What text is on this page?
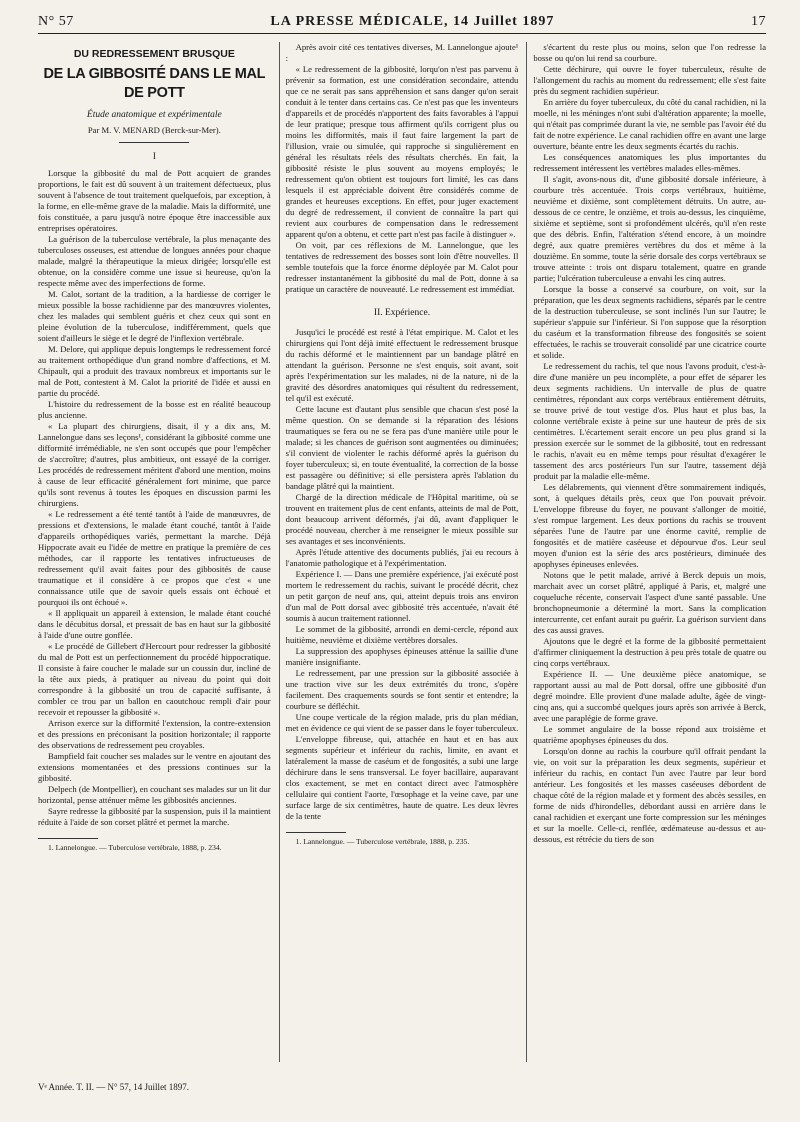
N° 57	LA PRESSE MÉDICALE, 14 Juillet 1897	17
DU REDRESSEMENT BRUSQUE
DE LA GIBBOSITÉ DANS LE MAL DE POTT
Étude anatomique et expérimentale
Par M. V. MENARD (Berck-sur-Mer).
I

Lorsque la gibbosité du mal de Pott acquiert de grandes proportions, le fait est dû souvent à un traitement défectueux, plus souvent à l'absence de tout traitement quelquefois, par exception, à la forme, en elle-même grave de la maladie. Mais la difformité, une fois constituée, a paru jusqu'à notre époque être inaccessible aux entreprises opératoires.

La guérison de la tuberculose vertébrale, la plus menaçante des tuberculoses osseuses, est attendue de longues années pour chaque malade, malgré la thérapeutique la mieux dirigée; lorsqu'elle est obtenue, on la considère comme une issue si heureuse, qu'on la respecte même avec des imperfections de forme.

M. Calot, sortant de la tradition, a la hardiesse de corriger le mieux possible la bosse rachidienne par des manœuvres violentes, chez les malades qui semblent guéris et chez ceux qui sont en pleine évolution de la tuberculose, indifféremment, quels que soient d'ailleurs le siège et le degré de l'inflexion vertébrale.

M. Delore, qui applique depuis longtemps le redressement forcé au traitement orthopédique d'un grand nombre d'affections, et M. Chipault, qui a produit des travaux nombreux et importants sur le mal de Pott, contestent à M. Calot la priorité de l'idée et aussi en partie du procédé.

L'histoire du redressement de la bosse est en réalité beaucoup plus ancienne.

« La plupart des chirurgiens, disait, il y a dix ans, M. Lannelongue dans ses leçons¹, considérant la gibbosité comme une difformité irrémédiable, ne s'en sont occupés que pour l'empêcher de s'accroître; d'autres, plus ambitieux, ont essayé de la corriger. Les procédés de redressement méritent d'abord une mention, moins à cause de leur efficacité généralement fort minime, que parce qu'ils sont revenus à toutes les époques en discussion parmi les chirurgiens.

« Le redressement a été tenté tantôt à l'aide de manœuvres, de pressions et d'extensions, le malade étant couché, tantôt à l'aide d'appareils orthopédiques variés, permettant la marche. Déjà Hippocrate avait eu l'idée de mettre en pratique la première de ces méthodes, car il rapporte les tentatives infructueuses de redressement qu'il avait faites pour des gibbosités de cause traumatique et il considère à ce propos que c'est « une connaissance utile que de savoir quels essais ont échoué et pourquoi ils ont échoué ».

« Il appliquait un appareil à extension, le malade étant couché dans le décubitus dorsal, et pressait de bas en haut sur la gibbosité à l'aide d'une outre gonflée.

« Le procédé de Gillebert d'Hercourt pour redresser la gibbosité du mal de Pott est un perfectionnement du procédé hippocratique. Il consiste à faire coucher le malade sur un coussin dur, incliné de la tête aux pieds, à pratiquer au niveau du point qui doit correspondre à la gibbosité un trou de capacité suffisante, à combler ce trou par un ballon en caoutchouc rempli d'air pour recevoir et repousser la gibbosité ».

Arrison exerce sur la difformité l'extension, la contre-extension et des pressions en préconisant la position horizontale; il rapporte des observations de redressement peu croyables.

Bampfield fait coucher ses malades sur le ventre en ajoutant des extensions momentanées et des pressions continues sur la gibbosité.

Delpech (de Montpellier), en couchant ses malades sur un lit dur horizontal, pense atténuer même les gibbosités anciennes.

Sayre redresse la gibbosité par la suspension, puis il la maintient réduite à l'aide de son corset plâtré et permet la marche.

1. Lannelongue. — Tuberculose vertébrale, 1888, p. 234.

Après avoir cité ces tentatives diverses, M. Lannelongue ajoute¹ :

« Le redressement de la gibbosité, lorqu'on n'est pas parvenu à prévenir sa formation, est une considération secondaire, attendu que ce ne serait pas sans appréhension et sans danger qu'on serait conduit à le tenter dans certains cas. Ce n'est pas que les inventeurs d'appareils et de procédés n'apportent des faits favorables à l'appui de leur pratique; presque tous affirment qu'ils corrigent plus ou moins les difformités, mais il faut faire largement la part de l'illusion, vraie ou simulée, qui rapproche si singulièrement en général les résultats réels des résultats cherchés. En fait, la gibbosité résiste le plus souvent au moyens employés; le redressement qu'on obtient est toujours fort limité, les cas dans lesquels il est appréciable doivent être considérés comme de grandes et heureuses exceptions. En effet, pour juger exactement du degré de redressement, il convient de connaître la part qui revient aux courbures de compensation dans le redressement apparent qu'on a obtenu, et cette part n'est pas facile à distinguer ».

On voit, par ces réflexions de M. Lannelongue, que les tentatives de redressement des bosses sont loin d'être nouvelles. Il semble toutefois que la force énorme déployée par M. Calot pour redresser instantanément la gibbosité du mal de Pott, donne à sa pratique un caractère de nouveauté. Le redressement est immédiat.

II. Expérience.

Jusqu'ici le procédé est resté à l'état empirique. M. Calot et les chirurgiens qui l'ont déjà imité effectuent le redressement brusque du rachis déformé et le maintiennent par un bandage plâtré en attendant la guérison. Personne ne s'est enquis, soit avant, soit après l'expérimentation sur les malades, ni de la nature, ni de la gravité des désordres anatomiques qui résultent du redressement, tel qu'il est exécuté.

Cette lacune est d'autant plus sensible que chacun s'est posé la même question. On se demande si la réparation des lésions traumatiques se fera ou ne se fera pas d'une manière utile pour le malade; si les chances de guérison sont augmentées ou diminuées; s'il convient de violenter le rachis déformé après la guérison du foyer tuberculeux; si, en toute éventualité, la correction de la bosse est passagère ou définitive; si elle persistera après l'ablation du bandage plâtré qui la maintient.

Chargé de la direction médicale de l'Hôpital maritime, où se trouvent en traitement plus de cent enfants, atteints de mal de Pott, dont beaucoup arrivent déformés, j'ai dû, avant d'appliquer le procédé nouveau, chercher à me renseigner le mieux possible sur ses avantages et ses inconvénients.

Après l'étude attentive des documents publiés, j'ai eu recours à l'anatomie pathologique et à l'expérimentation.

Expérience I. — Dans une première expérience, j'ai exécuté post mortem le redressement du rachis, suivant le procédé décrit, chez un petit garçon de neuf ans, qui, atteint depuis trois ans environ d'un mal de Pott dorsal avec gibbosité très accentuée, n'avait été soumis à aucun traitement rationnel.

Le sommet de la gibbosité, arrondi en demi-cercle, répond aux huitième, neuvième et dixième vertèbres dorsales.

La suppression des apophyses épineuses atténue la saillie d'une manière insignifiante.

Le redressement, par une pression sur la gibbosité associée à une traction vive sur les deux extrémités du tronc, s'opère facilement. Des craquements sourds se font sentir et entendre; la courbure se défléchit.

Une coupe verticale de la région malade, pris du plan médian, met en évidence ce qui vient de se passer dans le foyer tuberculeux.

L'enveloppe fibreuse, qui, attachée en haut et en bas aux segments supérieur et inférieur du rachis, limite, en avant et latéralement la masse de caséum et de fongosités, a subi une large déchirure dans le sens transversal. Le foyer bacillaire, auparavant clos exactement, se met en contact direct avec l'atmosphère cellulaire qui contient l'aorte, l'œsophage et la veine cave, par une surface large de six centimètres, haute de quatre. Les deux lèvres de la tente

1. Lannelongue. — Tuberculose vertébrale, 1888, p. 235.

s'écartent du reste plus ou moins, selon que l'on redresse la bosse ou qu'on lui rend sa courbure.

Cette déchirure, qui ouvre le foyer tuberculeux, résulte de l'allongement du rachis au moment du redressement; elle s'est faite près du segment rachidien supérieur.

En arrière du foyer tuberculeux, du côté du canal rachidien, ni la moelle, ni les méninges n'ont subi d'altération apparente; la moelle, qui n'était pas comprimée durant la vie, ne semble pas l'avoir été du fait de notre expérience. Le canal rachidien offre en avant une large ouverture, béante entre les deux segments écartés du rachis.

Les conséquences anatomiques les plus importantes du redressement intéressent les vertèbres malades elles-mêmes.

Il s'agit, avons-nous dit, d'une gibbosité dorsale inférieure, à courbure très accentuée. Trois corps vertébraux, huitième, neuvième et dixième, sont complètement détruits. Un autre, au-dessous de ce centre, le onzième, et trois au-dessus, les cinquième, sixième et septième, sont si profondément ulcérés, qu'il n'en reste que des débris. Enfin, l'altération s'étend encore, à un moindre degré, aux quatre premières vertèbres du dos et même à la douzième. En somme, toute la série dorsale des corps vertébraux se trouve atteinte : trois ont disparu totalement, quatre en grande partie; l'ulcération tuberculeuse a envahi les cinq autres.

Lorsque la bosse a conservé sa courbure, on voit, sur la préparation, que les deux segments rachidiens, séparés par le centre de la destruction tuberculeuse, se sont inclinés l'un sur l'autre; le supérieur s'appuie sur l'inférieur. Si l'on suppose que la résorption du caséum et la transformation fibreuse des fongosités se soient effectuées, le rachis se trouverait consolidé par une cicatrice courte et solide.

Le redressement du rachis, tel que nous l'avons produit, c'est-à-dire d'une manière un peu incomplète, a pour effet de séparer les deux segments rachidiens. Un intervalle de plus de quatre centimètres, répondant aux corps vertébraux entièrement détruits, se trouve privé de tout vestige d'os. Plus haut et plus bas, la colonne vertébrale existe à peine sur une hauteur de près de six centimètres. L'écartement serait encore un peu plus grand si la pression exercée sur le sommet de la gibbosité, tout en redressant le rachis, n'avait eu en même temps pour résultat d'exagérer le tassement des arcs postérieurs l'un sur l'autre, tassement déjà produit par la maladie elle-même.

Les délabrements, qui viennent d'être sommairement indiqués, sont, à quelques détails près, ceux que l'on pouvait prévoir. L'enveloppe fibreuse du foyer, ne pouvant s'allonger de moitié, s'est rompue largement. Les deux portions du rachis se trouvent séparées l'une de l'autre par une énorme cavité, remplie de fongosités et de matière caséeuse et dépourvue d'os. Leur seul moyen d'union est la série des arcs postérieurs, diminuée des apophyses épineuses enlevées.

Notons que le petit malade, arrivé à Berck depuis un mois, marchait avec un corset plâtré, appliqué à Paris, et, malgré une coqueluche récente, conservait l'aspect d'une santé passable. Une bronchopneumonie a déterminé la mort. Sans la complication intercurrente, cet enfant aurait pu guérir. La guérison survient dans des cas aussi graves.

Ajoutons que le degré et la forme de la gibbosité permettaient d'affirmer cliniquement la destruction à peu près totale de quatre ou cinq corps vertébraux.

Expérience II. — Une deuxième pièce anatomique, se rapportant aussi au mal de Pott dorsal, offre une gibbosité d'un degré moindre. Elle provient d'une malade adulte, âgée de vingt-cinq ans, qui a succombé quelques jours après son arrivée à Berck, avec une paraplégie de forme grave.

Le sommet angulaire de la bosse répond aux troisième et quatrième apophyses épineuses du dos.

Lorsqu'on donne au rachis la courbure qu'il offrait pendant la vie, on voit sur la préparation les deux segments, supérieur et inférieur du rachis, en contact l'un avec l'autre par leur bord antérieur. Les fongosités et les masses caséeuses débordent de chaque côté de la région malade et y forment des abcès sessiles, en forme de nids d'hirondelles, débordant aussi en arrière dans le canal rachidien et exerçant une forte compression sur les méninges et sur la moelle. Celle-ci, renflée, œdémateuse au-dessus et au-dessous, est rétrécie du tiers de son

Vᵉ Année. T. II. — N° 57, 14 Juillet 1897.
